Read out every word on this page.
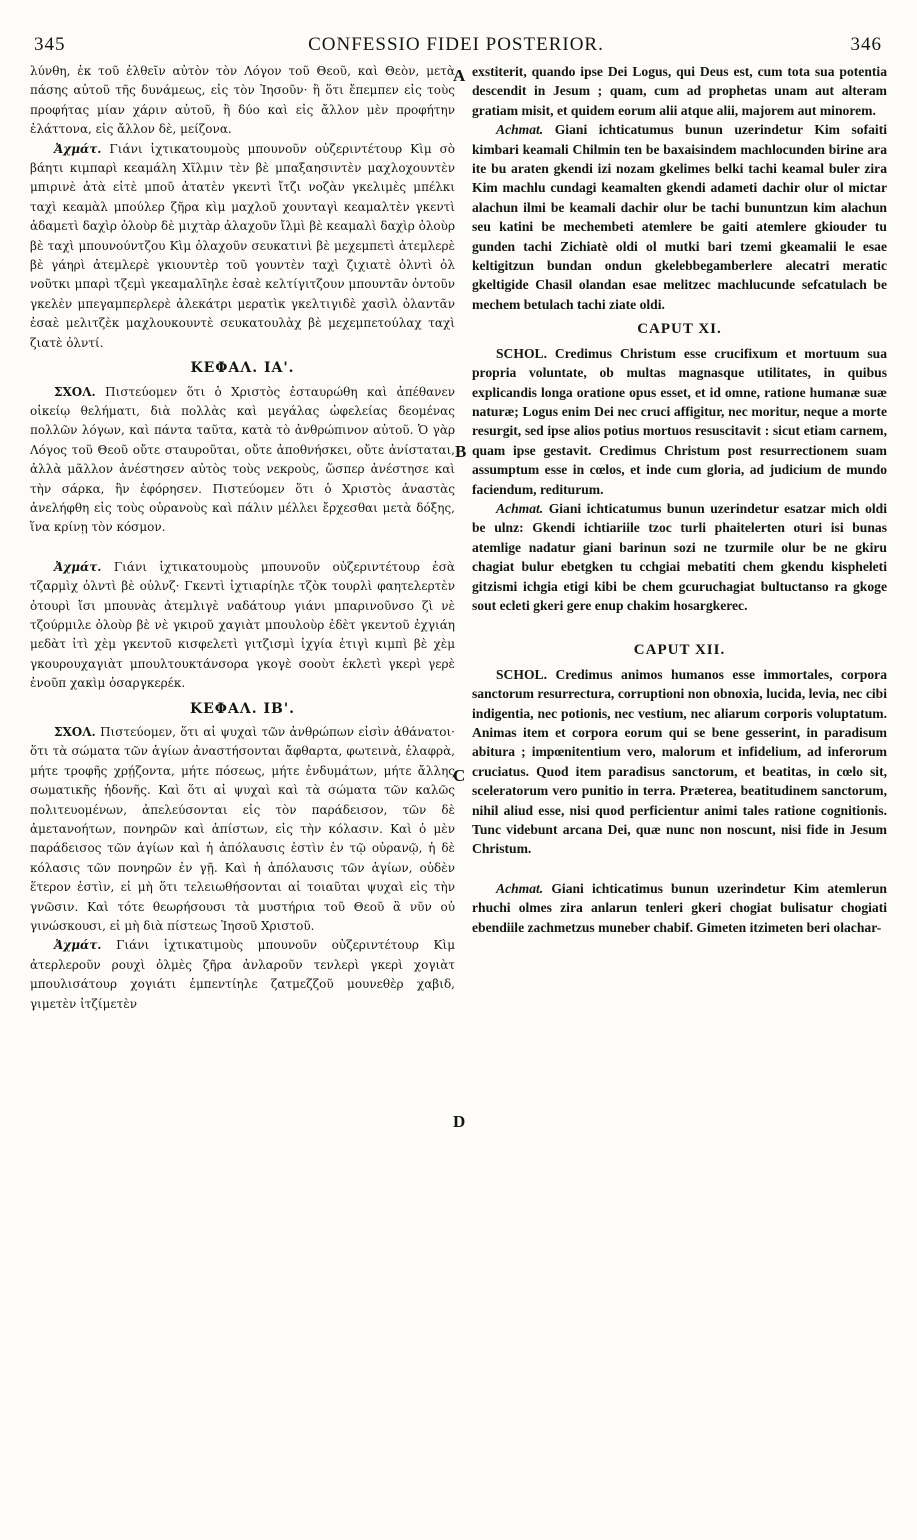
345	CONFESSIO FIDEI POSTERIOR.	346

λύνθη, ἐκ τοῦ ἐλθεῖν αὐτὸν τὸν Λόγον τοῦ Θεοῦ, καὶ Θεὸν, μετὰ πάσης αὐτοῦ τῆς δυνάμεως, εἰς τὸν Ἰησοῦν· ἢ ὅτι ἔπεμπεν εἰς τοὺς προφήτας μίαν χάριν αὐτοῦ, ἢ δύο καὶ εἰς ἄλλον μὲν προφήτην ἐλάττονα, εἰς ἄλλον δὲ, μείζονα.

Ἀχμάτ. Γιάνι ἰχτικατουμοὺς μπουνοῦν οὐζεριντέτουρ Κὶμ σὸ βάητι κιμπαρὶ κεαμάλη Χῖλμιν τὲν βὲ μπαξαησιντὲν μαχλοχουντὲν μπιρινὲ ἀτὰ εἰτὲ μποῦ ἀτατὲν γκεντὶ ἴτζι νοζὰν γκελιμὲς μπέλκι ταχὶ κεαμὰλ μπούλερ ζῆρα κὶμ μαχλοῦ χουνταγὶ κεαμαλτὲν γκεντὶ ἀδαμετὶ δαχὶρ ὀλοὺρ δὲ μιχτὰρ ἀλαχοῦν ἴλμὶ βὲ κεαμαλὶ δαχὶρ ὀλοὺρ βὲ ταχὶ μπουνούντζου Κὶμ ὀλαχοῦν σευκατινὶ βὲ μεχεμπετὶ ἀτεμλερὲ βὲ γάηρὶ ἀτεμλερὲ γκιουντὲρ τοῦ γουντὲν ταχὶ ζιχιατὲ ὀλντὶ ὀλ νοῦτκι μπαρὶ τζεμὶ γκεαμαλῖηλε ἐσαὲ κελτίγιτζουν μπουντᾶν ὀντοῦν γκελὲν μπεγαμπερλερὲ ἀλεκάτρι μερατὶκ γκελτιγιδὲ χασὶλ ὀλαντᾶν ἐσαὲ μελιτζὲκ μαχλουκουντὲ σευκατουλὰχ βὲ μεχεμπετούλαχ ταχὶ ζιατὲ ὀλντί.

ΚΕΦΑΛ. ΙΑ'.

ΣΧΟΛ. Πιστεύομεν ὅτι ὁ Χριστὸς ἐσταυρώθη καὶ ἀπέθανεν οἰκείῳ θελήματι, διὰ πολλὰς καὶ μεγάλας ὠφελείας δεομένας πολλῶν λόγων, καὶ πάντα ταῦτα, κατὰ τὸ ἀνθρώπινον αὐτοῦ. Ὁ γὰρ Λόγος τοῦ Θεοῦ οὔτε σταυροῦται, οὔτε ἀποθνήσκει, οὔτε ἀνίσταται, ἀλλὰ μᾶλλον ἀνέστησεν αὐτὸς τοὺς νεκροὺς, ὥσπερ ἀνέστησε καὶ τὴν σάρκα, ἣν ἐφόρησεν. Πιστεύομεν ὅτι ὁ Χριστὸς ἀναστὰς ἀνελήφθη εἰς τοὺς οὐρανοὺς καὶ πάλιν μέλλει ἔρχεσθαι μετὰ δόξης, ἵνα κρίνῃ τὸν κόσμον.

Ἀχμάτ. Γιάνι ἰχτικατουμοὺς μπουνοῦν οὐζεριντέτουρ ἐσὰ τζαρμὶχ ὀλντὶ βὲ οὐλνζ· Γκεντὶ ἰχτιαρίηλε τζὸκ τουρλὶ φαητελερτὲν ὀτουρὶ ἴσι μπουνὰς ἀτεμλιγὲ ναδάτουρ γιάνι μπαρινοῦνσο ζὶ νὲ τζούρμιλε ὀλοὺρ βὲ νὲ γκιροῦ χαγιὰτ μπουλοὺρ ἐδὲτ γκεντοῦ ἐχγιάη μεδὰτ ἰτὶ χὲμ γκεντοῦ κισφελετὶ γιτζισμὶ ἰχγία ἐτιγὶ κιμπὶ βὲ χὲμ γκουρουχαγιὰτ μπουλτουκτάνσορα γκογὲ σοοὺτ ἐκλετὶ γκερὶ γερὲ ἐνοῦπ χακὶμ ὀσαργκερέκ.

ΚΕΦΑΛ. ΙΒ'.

ΣΧΟΛ. Πιστεύομεν, ὅτι αἱ ψυχαὶ τῶν ἀνθρώπων εἰσὶν ἀθάνατοι· ὅτι τὰ σώματα τῶν ἁγίων ἀναστήσονται ἄφθαρτα, φωτεινὰ, ἐλαφρὰ, μήτε τροφῆς χρῄζοντα, μήτε πόσεως, μήτε ἐνδυμάτων, μήτε ἄλλης σωματικῆς ἡδονῆς. Καὶ ὅτι αἱ ψυχαὶ καὶ τὰ σώματα τῶν καλῶς πολιτευομένων, ἀπελεύσονται εἰς τὸν παράδεισον, τῶν δὲ ἀμετανοήτων, πονηρῶν καὶ ἀπίστων, εἰς τὴν κόλασιν. Καὶ ὁ μὲν παράδεισος τῶν ἁγίων καὶ ἡ ἀπόλαυσις ἐστὶν ἐν τῷ οὐρανῷ, ἡ δὲ κόλασις τῶν πονηρῶν ἐν γῇ. Καὶ ἡ ἀπόλαυσις τῶν ἁγίων, οὐδὲν ἕτερον ἐστὶν, εἰ μὴ ὅτι τελειωθήσονται αἱ τοιαῦται ψυχαὶ εἰς τὴν γνῶσιν. Καὶ τότε θεωρήσουσι τὰ μυστήρια τοῦ Θεοῦ ἃ νῦν οὐ γινώσκουσι, εἰ μὴ διὰ πίστεως Ἰησοῦ Χριστοῦ.

Ἀχμάτ. Γιάνι ἰχτικατιμοὺς μπουνοῦν οὐζεριντέτουρ Κὶμ ἀτερλεροῦν ρουχὶ ὀλμὲς ζῆρα ἀνλαροῦν τενλερὶ γκερὶ χογιὰτ μπουλισάτουρ χογιάτι ἐμπεντίηλε ζατμεζζοῦ μουνεθὲρ χαβιδ, γιμετὲν ἰτζίμετὲν

A
B
C
D

exstiterit, quando ipse Dei Logus, qui Deus est, cum tota sua potentia descendit in Jesum ; quam, cum ad prophetas unam aut alteram gratiam misit, et quidem eorum alii atque alii, majorem aut minorem.

Achmat. Giani ichticatumus bunun uzerindetur Kim sofaiti kimbari keamali Chilmin ten be baxaisindem machlocunden birine ara ite bu araten gkendi izi nozam gkelimes belki tachi keamal buler zira Kim machlu cundagi keamalten gkendi adameti dachir olur ol mictar alachun ilmi be keamali dachir olur be tachi bununtzun kim alachun seu katini be mechembeti atemlere be gaiti atemlere gkiouder tu gunden tachi Zichiatè oldi ol mutki bari tzemi gkeamalii le esae keltigitzun bundan ondun gkelebbegamberlere alecatri meratic gkeltigide Chasil olandan esae melitzec machlucunde sefcatulach be mechem betulach tachi ziate oldi.

CAPUT XI.

SCHOL. Credimus Christum esse crucifixum et mortuum sua propria voluntate, ob multas magnasque utilitates, in quibus explicandis longa oratione opus esset, et id omne, ratione humanæ suæ naturæ; Logus enim Dei nec cruci affigitur, nec moritur, neque a morte resurgit, sed ipse alios potius mortuos resuscitavit : sicut etiam carnem, quam ipse gestavit. Credimus Christum post resurrectionem suam assumptum esse in cœlos, et inde cum gloria, ad judicium de mundo faciendum, rediturum.

Achmat. Giani ichticatumus bunun uzerindetur esatzar mich oldi be ulnz: Gkendi ichtiariile tzoc turli phaitelerten oturi isi bunas atemlige nadatur giani barinun sozi ne tzurmile olur be ne gkiru chagiat bulur ebetgken tu cchgiai mebatiti chem gkendu kispheleti gitzismi ichgia etigi kibi be chem gcuruchagiat bultuctanso ra gkoge sout ecleti gkeri gere enup chakim hosargkerec.

CAPUT XII.

SCHOL. Credimus animos humanos esse immortales, corpora sanctorum resurrectura, corruptioni non obnoxia, lucida, levia, nec cibi indigentia, nec potionis, nec vestium, nec aliarum corporis voluptatum. Animas item et corpora eorum qui se bene gesserint, in paradisum abitura ; impœnitentium vero, malorum et infidelium, ad inferorum cruciatus. Quod item paradisus sanctorum, et beatitas, in cœlo sit, sceleratorum vero punitio in terra. Præterea, beatitudinem sanctorum, nihil aliud esse, nisi quod perficientur animi tales ratione cognitionis. Tunc videbunt arcana Dei, quæ nunc non noscunt, nisi fide in Jesum Christum.

Achmat. Giani ichticatimus bunun uzerindetur Kim atemlerun rhuchi olmes zira anlarun tenleri gkeri chogiat bulisatur chogiati ebendiile zachmetzus muneber chabif. Gimeten itzimeten beri olachar-
